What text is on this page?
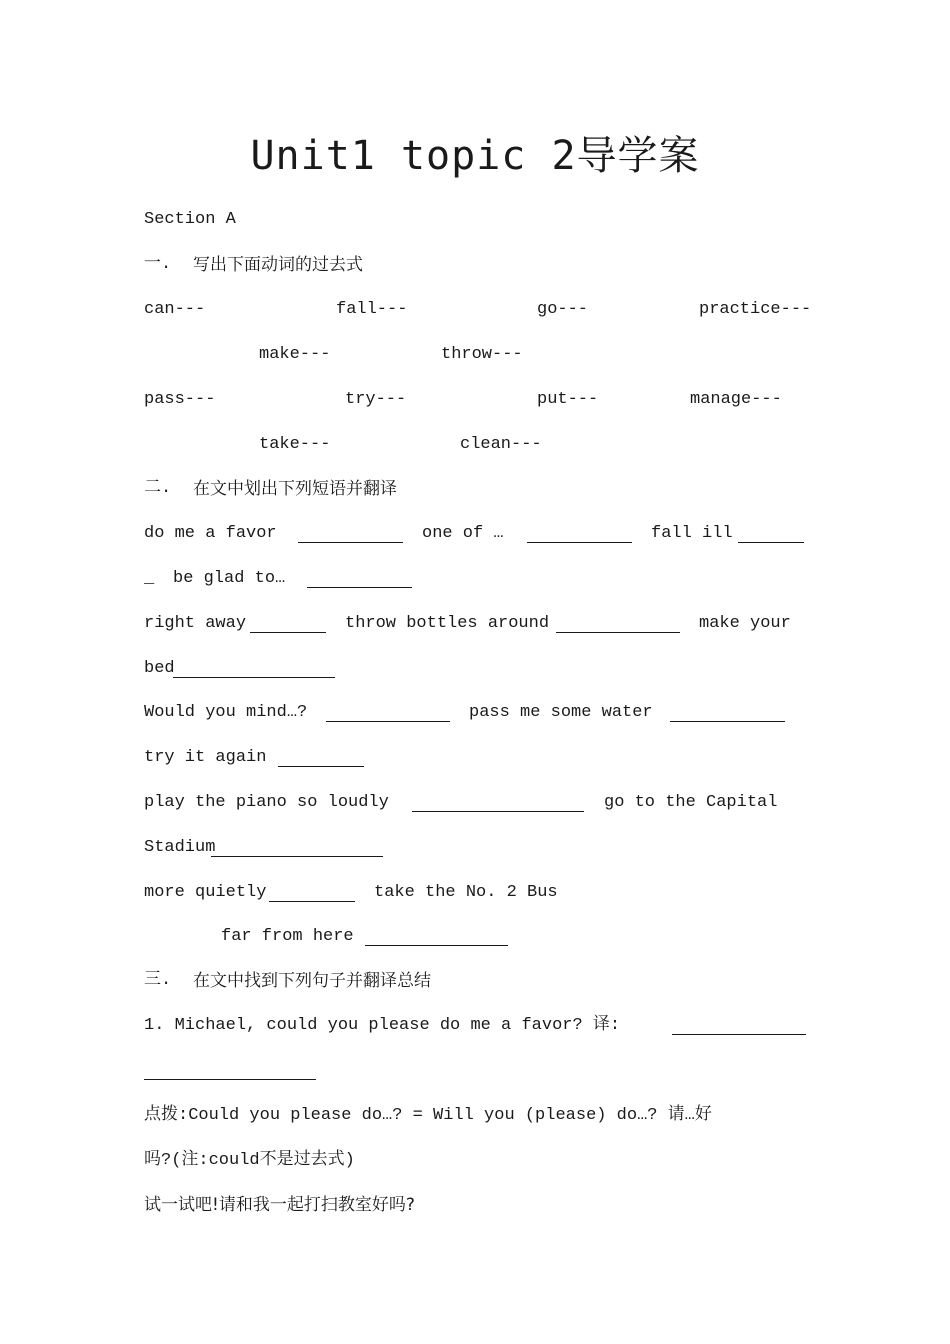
Unit1 topic 2导学案
Section A
一. 写出下面动词的过去式
can---	fall---	go---	practice---
make---	throw---
pass---	try---	put---	manage---
take---	clean---
二. 在文中划出下列短语并翻译
do me a favor	one of …	fall ill
_ be glad to…
right away	throw bottles around	make your
bed
Would you mind…?	pass me some water
try it again
play the piano so loudly	go to the Capital
Stadium
more quietly	take the No. 2 Bus
far from here
三. 在文中找到下列句子并翻译总结
1. Michael, could you please do me a favor? 译:
点拨:Could you please do…? = Will you (please) do…? 请…好
吗?(注:could不是过去式)
试一试吧!请和我一起打扫教室好吗?
